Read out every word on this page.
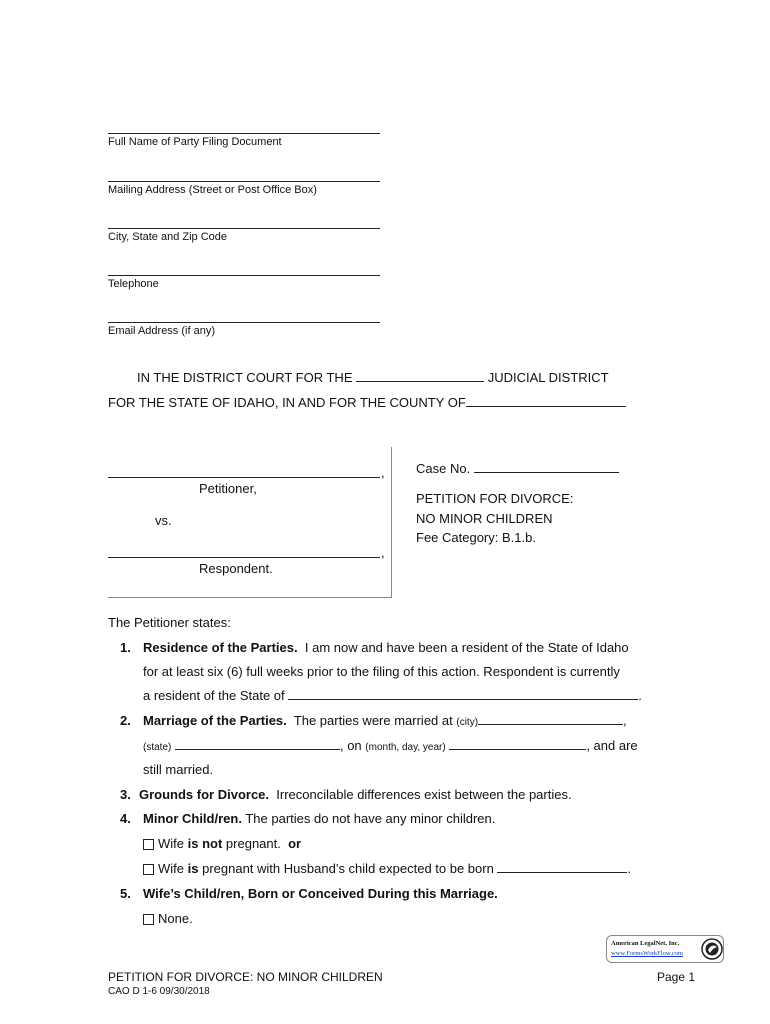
Full Name of Party Filing Document
Mailing Address (Street or Post Office Box)
City, State and Zip Code
Telephone
Email Address (if any)
IN THE DISTRICT COURT FOR THE	JUDICIAL DISTRICT
FOR THE STATE OF IDAHO, IN AND FOR THE COUNTY OF
,
Petitioner,
vs.
,
Respondent.
Case No.
PETITION FOR DIVORCE:
NO MINOR CHILDREN
Fee Category: B.1.b.
The Petitioner states:
1. Residence of the Parties. I am now and have been a resident of the State of Idaho
for at least six (6) full weeks prior to the filing of this action. Respondent is currently
a resident of the State of	.
2. Marriage of the Parties. The parties were married at (city)	,
(state)	, on (month, day, year)	, and are
still married.
3. Grounds for Divorce. Irreconcilable differences exist between the parties.
4. Minor Child/ren. The parties do not have any minor children.
Wife is not pregnant. or
Wife is pregnant with Husband’s child expected to be born	.
5. Wife’s Child/ren, Born or Conceived During this Marriage.
None.
American LegalNet, Inc.
www.FormsWorkFlow.com
PETITION FOR DIVORCE: NO MINOR CHILDREN
CAO D 1-6 09/30/2018
Page 1
